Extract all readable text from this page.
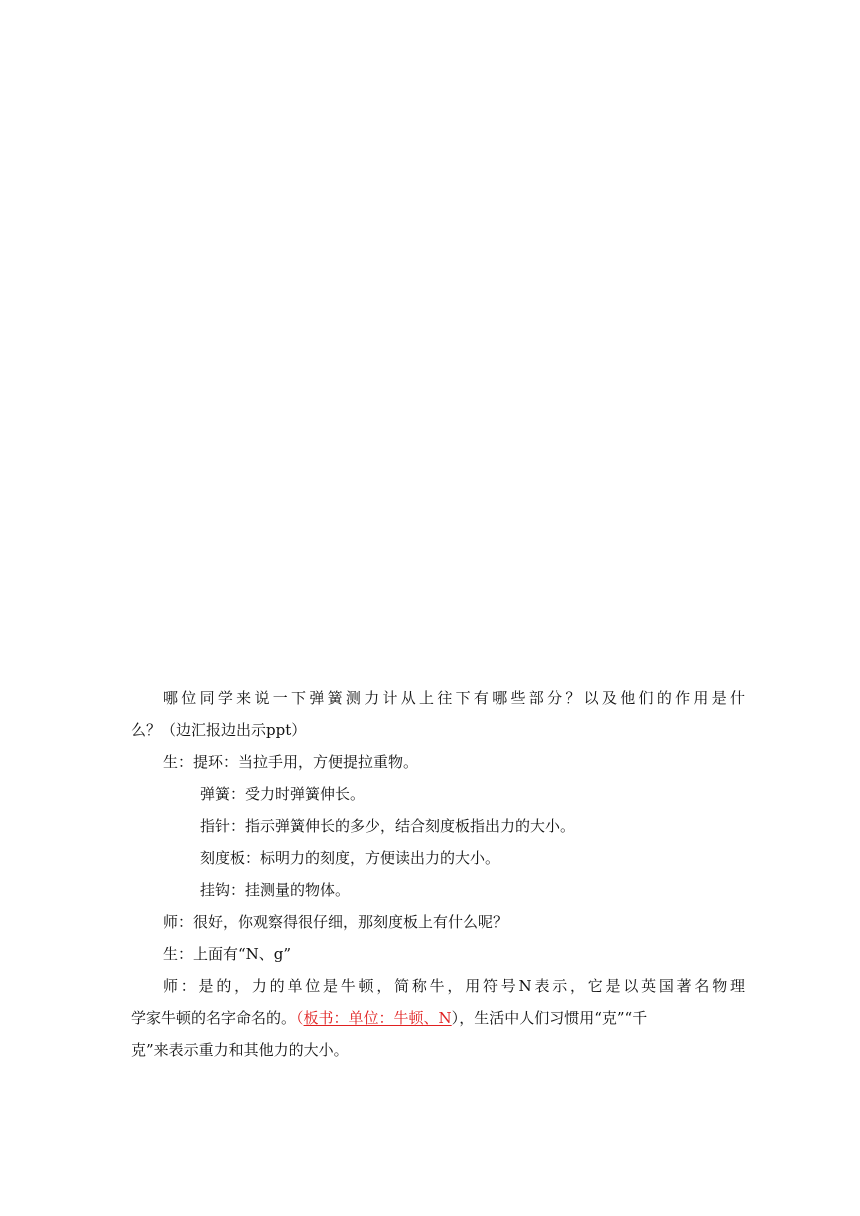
哪位同学来说一下弹簧测力计从上往下有哪些部分？以及他们的作用是什
么？（边汇报边出示ppt）
生：提环：当拉手用，方便提拉重物。
弹簧：受力时弹簧伸长。
指针：指示弹簧伸长的多少，结合刻度板指出力的大小。
刻度板：标明力的刻度，方便读出力的大小。
挂钩：挂测量的物体。
师：很好，你观察得很仔细，那刻度板上有什么呢？
生：上面有“N、g”
师：是的，力的单位是牛顿，简称牛，用符号N表示，它是以英国著名物理
学家牛顿的名字命名的。（板书：单位：牛顿、N），生活中人们习惯用“克”“千
克”来表示重力和其他力的大小。
